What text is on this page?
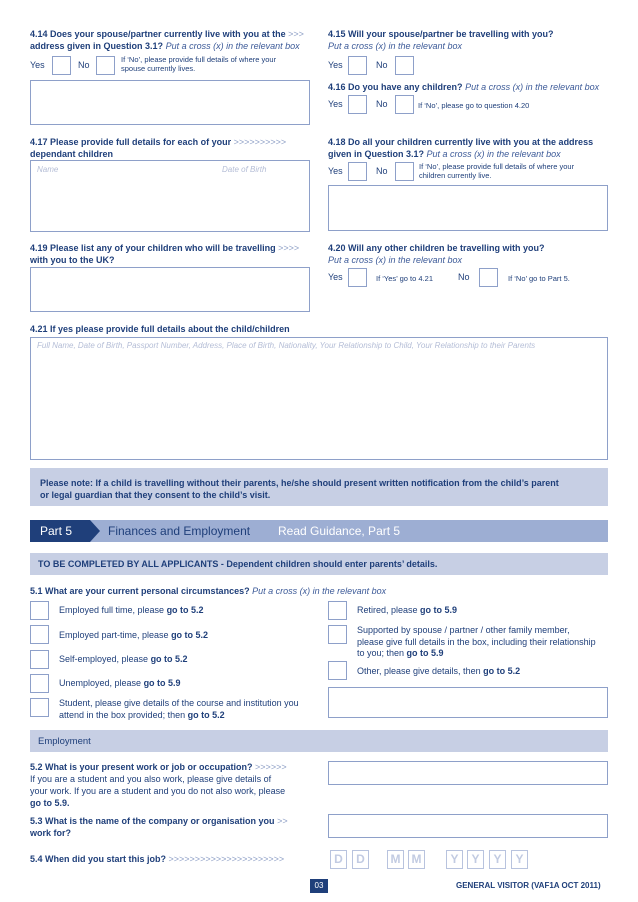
4.14 Does your spouse/partner currently live with you at the >>>
address given in Question 3.1? Put a cross (x) in the relevant box
Yes	No
If ‘No’, please provide full details of where your
spouse currently lives.
4.15 Will your spouse/partner be travelling with you?
Put a cross (x) in the relevant box
Yes	No
4.16 Do you have any children? Put a cross (x) in the relevant box
Yes	No	If ‘No’, please go to question 4.20
4.17 Please provide full details for each of your >>>>>>>>>>
dependant children
Name	Date of Birth
4.18 Do all your children currently live with you at the address
given in Question 3.1? Put a cross (x) in the relevant box
Yes	No	If ‘No’, please provide full details of where your
children currently live.
4.19 Please list any of your children who will be travelling >>>>
with you to the UK?
4.20 Will any other children be travelling with you?
Put a cross (x) in the relevant box
Yes	If ‘Yes’ go to 4.21	No	If ‘No’ go to Part 5.
4.21 If yes please provide full details about the child/children
Full Name, Date of Birth, Passport Number, Address, Place of Birth, Nationality, Your Relationship to Child, Your Relationship to their Parents
Please note: If a child is travelling without their parents, he/she should present written notification from the child’s parent
or legal guardian that they consent to the child’s visit.
Part 5	Finances and Employment Read Guidance, Part 5
TO BE COMPLETED BY ALL APPLICANTS - Dependent children should enter parents’ details.
5.1 What are your current personal circumstances? Put a cross (x) in the relevant box
Employed full time, please go to 5.2
Employed part-time, please go to 5.2
Self-employed, please go to 5.2
Unemployed, please go to 5.9
Student, please give details of the course and institution you
attend in the box provided; then go to 5.2
Retired, please go to 5.9
Supported by spouse / partner / other family member,
please give full details in the box, including their relationship
to you; then go to 5.9
Other, please give details, then go to 5.2
Employment
5.2 What is your present work or job or occupation? >>>>>>
If you are a student and you also work, please give details of
your work. If you are a student and you do not also work, please
go to 5.9.
5.3 What is the name of the company or organisation you >>
work for?
5.4 When did you start this job? >>>>>>>>>>>>>>>>>>>>>>	D	D	M M	Y	Y	Y	Y
03	GENERAL VISITOR (VAF1A OCT 2011)
